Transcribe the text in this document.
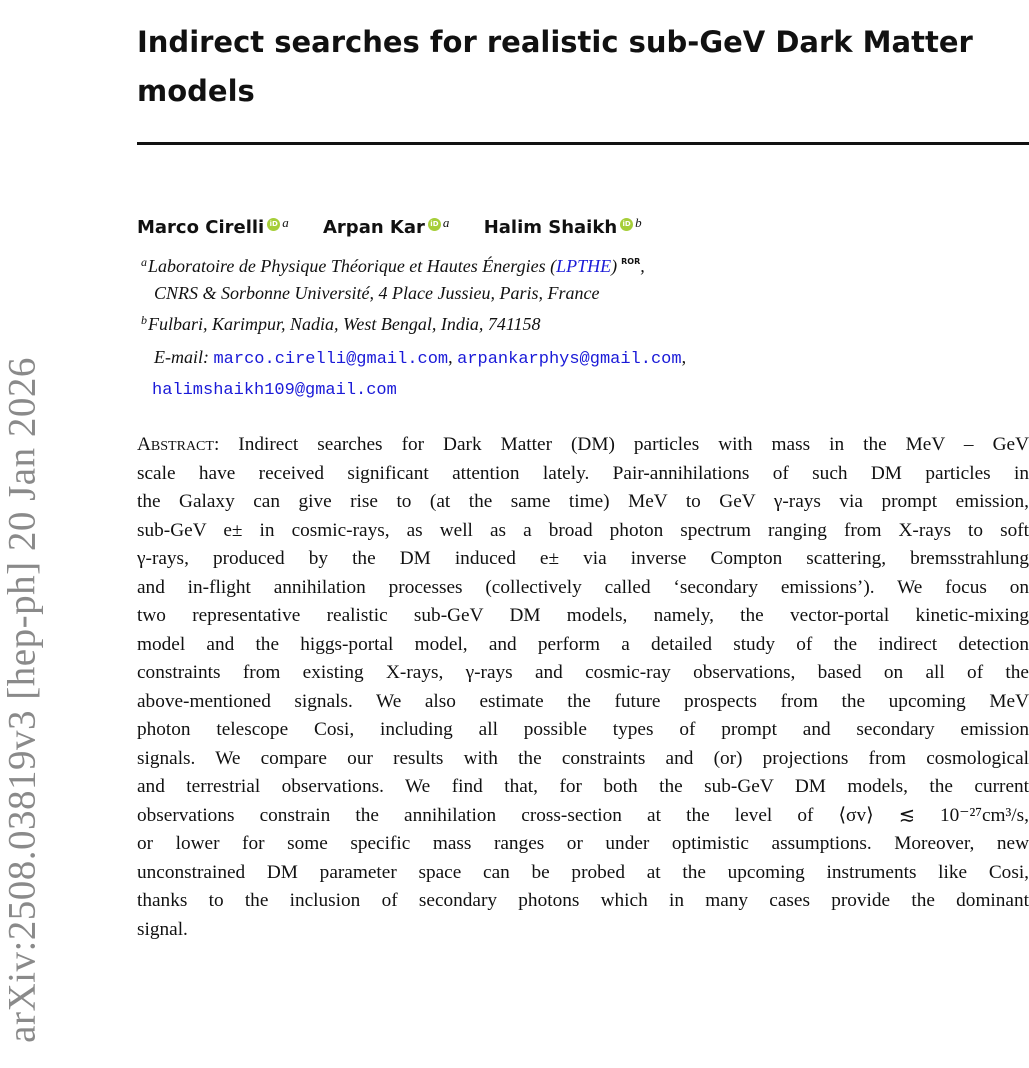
arXiv:2508.03819v3 [hep-ph] 20 Jan 2026
Indirect searches for realistic sub-GeV Dark Matter models
Marco Cirelli iD $^a$ Arpan Kar iD $^a$ Halim Shaikh iD $^b$
$^a$Laboratoire de Physique Théorique et Hautes Énergies (LPTHE) $^{ROR}$,
CNRS & Sorbonne Université, 4 Place Jussieu, Paris, France
$^b$Fulbari, Karimpur, Nadia, West Bengal, India, 741158
E-mail: marco.cirelli@gmail.com, arpankarphys@gmail.com,
halimshaikh109@gmail.com
Abstract: Indirect searches for Dark Matter (DM) particles with mass in the MeV – GeV
scale have received significant attention lately. Pair-annihilations of such DM particles in
the Galaxy can give rise to (at the same time) MeV to GeV γ-rays via prompt emission,
sub-GeV e± in cosmic-rays, as well as a broad photon spectrum ranging from X-rays to soft
γ-rays, produced by the DM induced e± via inverse Compton scattering, bremsstrahlung
and in-flight annihilation processes (collectively called ‘secondary emissions’). We focus on
two representative realistic sub-GeV DM models, namely, the vector-portal kinetic-mixing
model and the higgs-portal model, and perform a detailed study of the indirect detection
constraints from existing X-rays, γ-rays and cosmic-ray observations, based on all of the
above-mentioned signals. We also estimate the future prospects from the upcoming MeV
photon telescope Cosi, including all possible types of prompt and secondary emission
signals. We compare our results with the constraints and (or) projections from cosmological
and terrestrial observations. We find that, for both the sub-GeV DM models, the current
observations constrain the annihilation cross-section at the level of ⟨σv⟩ ≲ 10⁻²⁷cm³/s,
or lower for some specific mass ranges or under optimistic assumptions. Moreover, new
unconstrained DM parameter space can be probed at the upcoming instruments like Cosi,
thanks to the inclusion of secondary photons which in many cases provide the dominant
signal.
